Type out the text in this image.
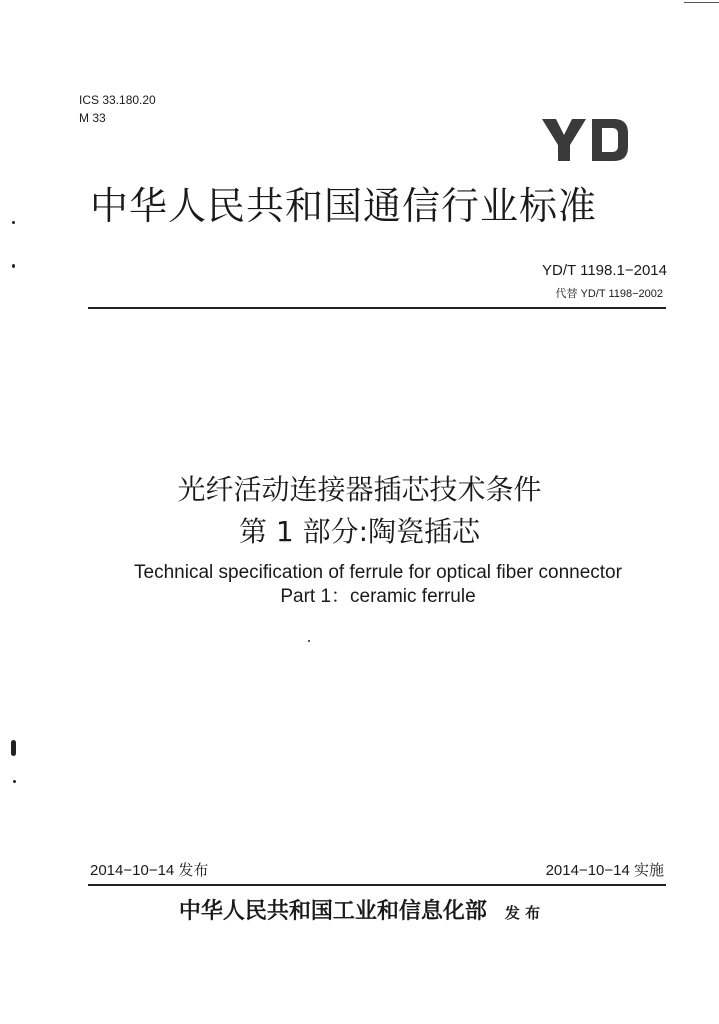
ICS 33.180.20
M 33
中华人民共和国通信行业标准
YD/T 1198.1−2014
代替 YD/T 1198−2002
光纤活动连接器插芯技术条件
第 1 部分:陶瓷插芯
Technical specification of ferrule for optical fiber connector
Part 1：ceramic ferrule
2014−10−14 发布	2014−10−14 实施
中华人民共和国工业和信息化部 发 布
